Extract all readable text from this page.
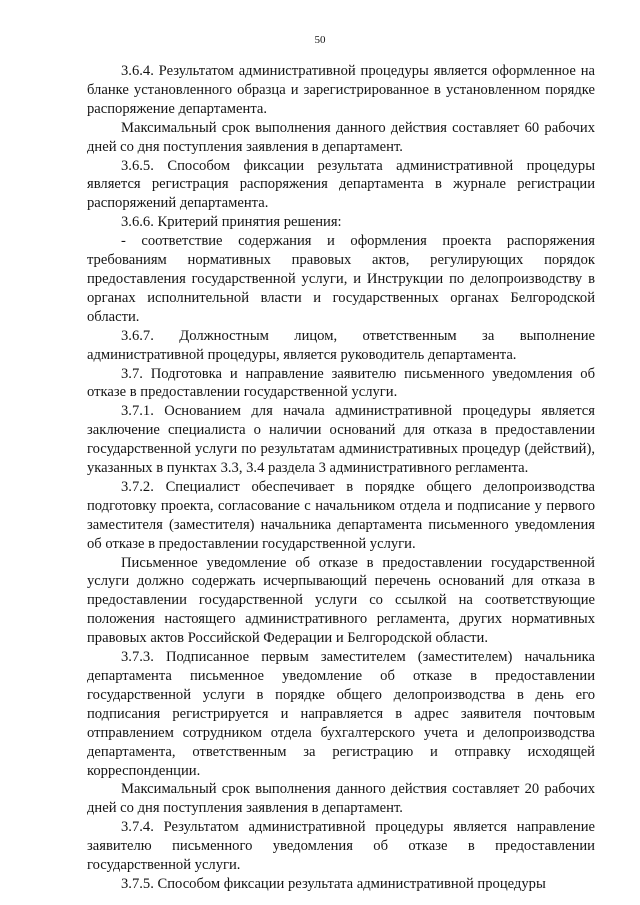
50

3.6.4. Результатом административной процедуры является оформленное на бланке установленного образца и зарегистрированное в установленном порядке распоряжение департамента.

Максимальный срок выполнения данного действия составляет 60 рабочих дней со дня поступления заявления в департамент.

3.6.5. Способом фиксации результата административной процедуры является регистрация распоряжения департамента в журнале регистрации распоряжений департамента.

3.6.6. Критерий принятия решения:

- соответствие содержания и оформления проекта распоряжения требованиям нормативных правовых актов, регулирующих порядок предоставления государственной услуги, и Инструкции по делопроизводству в органах исполнительной власти и государственных органах Белгородской области.

3.6.7. Должностным лицом, ответственным за выполнение административной процедуры, является руководитель департамента.

3.7. Подготовка и направление заявителю письменного уведомления об отказе в предоставлении государственной услуги.

3.7.1. Основанием для начала административной процедуры является заключение специалиста о наличии оснований для отказа в предоставлении государственной услуги по результатам административных процедур (действий), указанных в пунктах 3.3, 3.4 раздела 3 административного регламента.

3.7.2. Специалист обеспечивает в порядке общего делопроизводства подготовку проекта, согласование с начальником отдела и подписание у первого заместителя (заместителя) начальника департамента письменного уведомления об отказе в предоставлении государственной услуги.

Письменное уведомление об отказе в предоставлении государственной услуги должно содержать исчерпывающий перечень оснований для отказа в предоставлении государственной услуги со ссылкой на соответствующие положения настоящего административного регламента, других нормативных правовых актов Российской Федерации и Белгородской области.

3.7.3. Подписанное первым заместителем (заместителем) начальника департамента письменное уведомление об отказе в предоставлении государственной услуги в порядке общего делопроизводства в день его подписания регистрируется и направляется в адрес заявителя почтовым отправлением сотрудником отдела бухгалтерского учета и делопроизводства департамента, ответственным за регистрацию и отправку исходящей корреспонденции.

Максимальный срок выполнения данного действия составляет 20 рабочих дней со дня поступления заявления в департамент.

3.7.4. Результатом административной процедуры является направление заявителю письменного уведомления об отказе в предоставлении государственной услуги.

3.7.5. Способом фиксации результата административной процедуры
